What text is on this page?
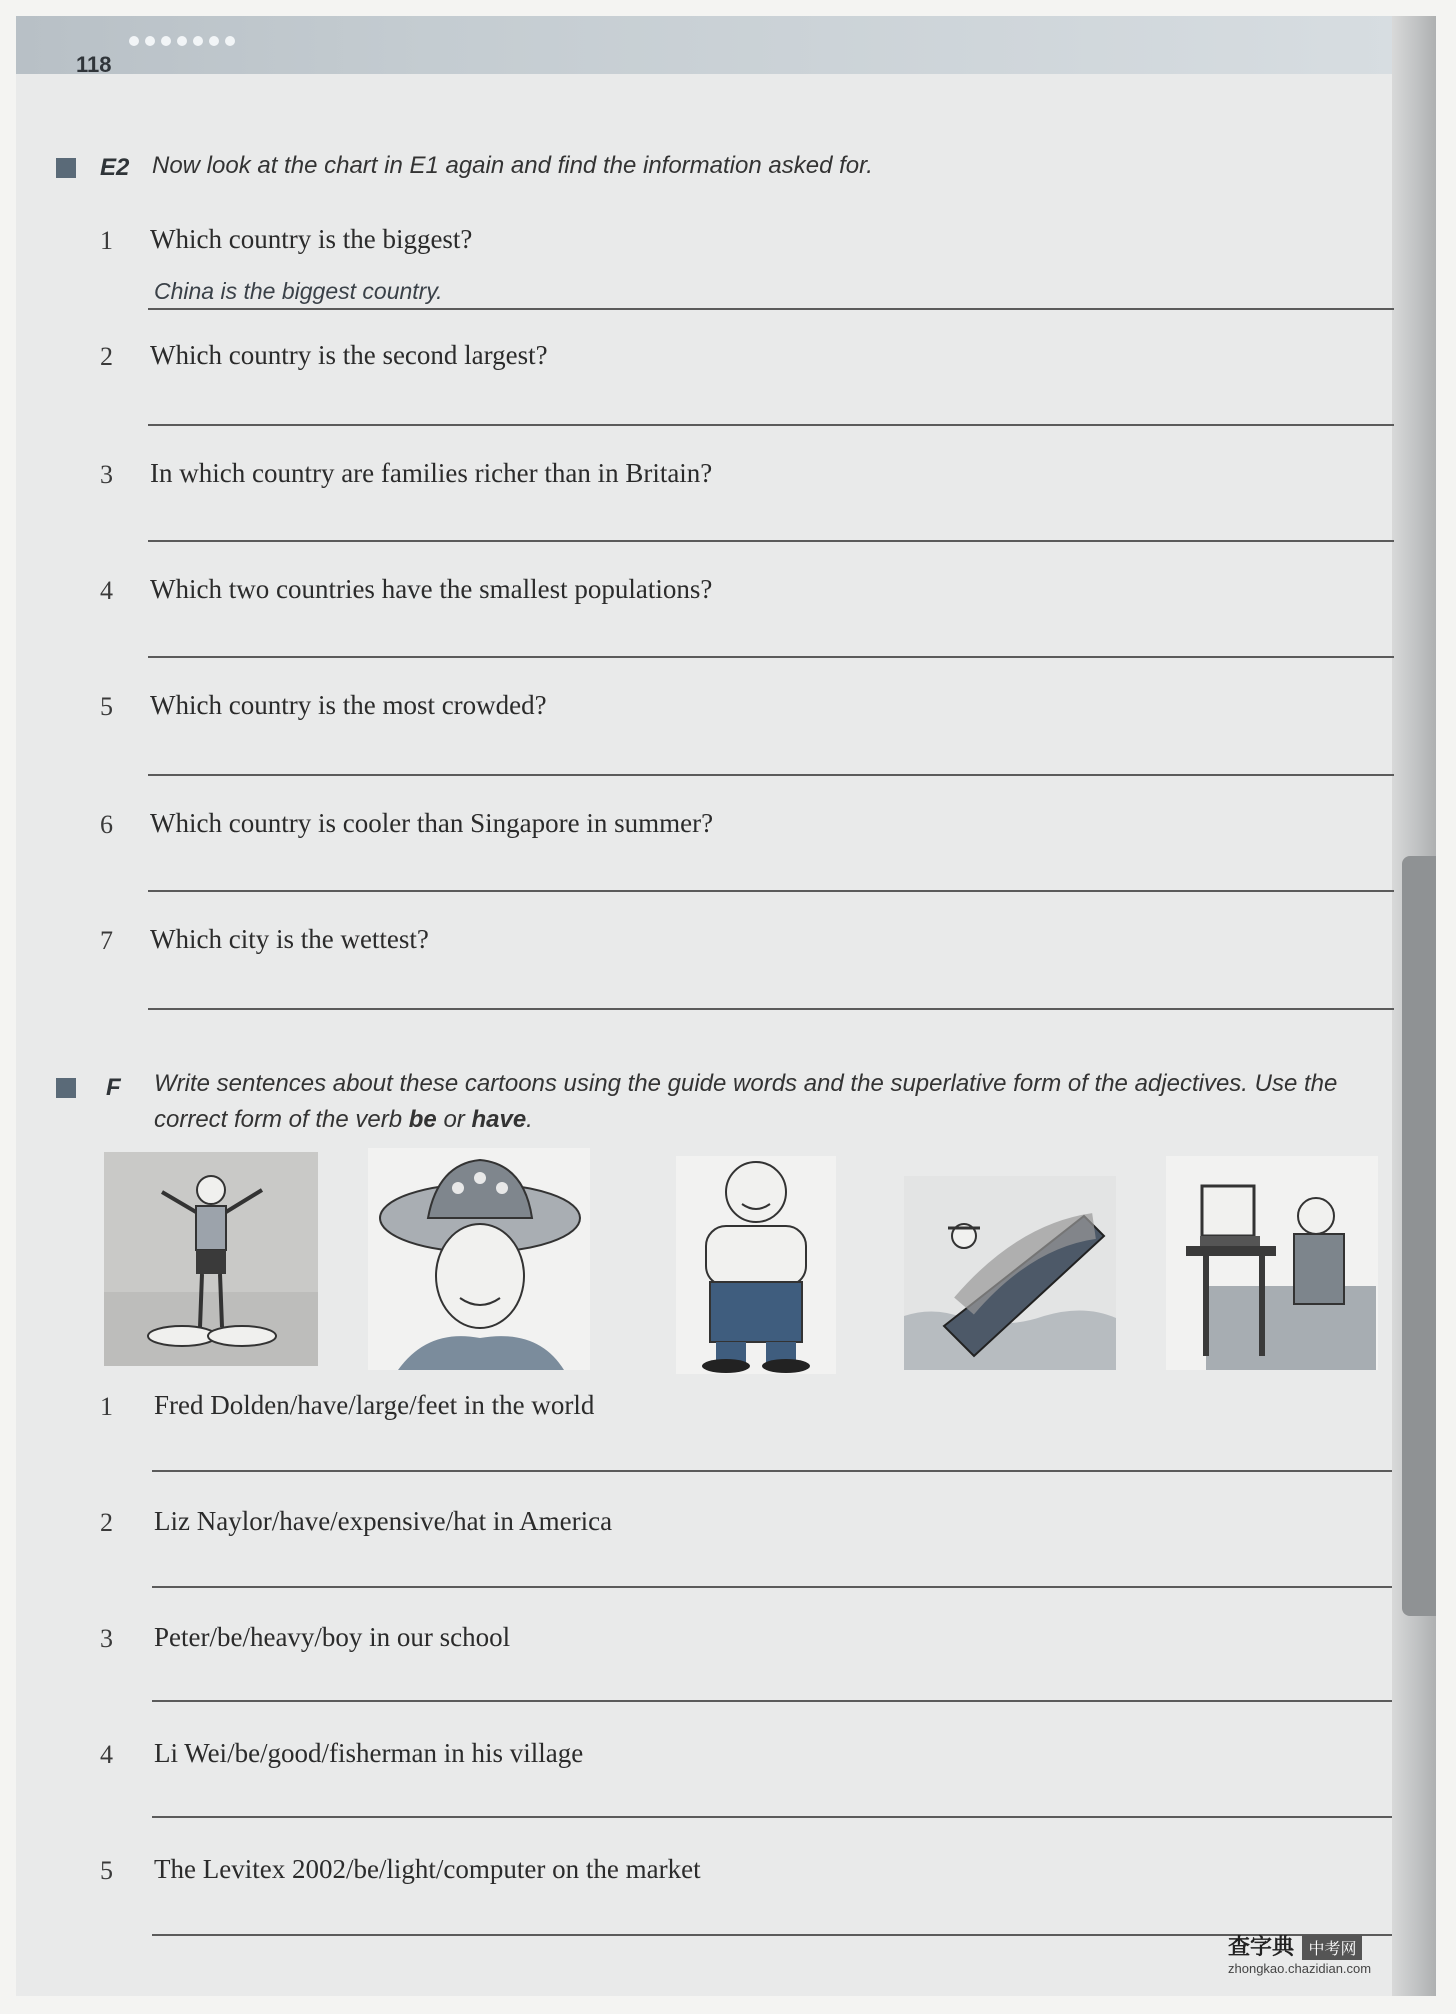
118
E2 Now look at the chart in E1 again and find the information asked for.
1 Which country is the biggest?
China is the biggest country.
2 Which country is the second largest?
3 In which country are families richer than in Britain?
4 Which two countries have the smallest populations?
5 Which country is the most crowded?
6 Which country is cooler than Singapore in summer?
7 Which city is the wettest?
F Write sentences about these cartoons using the guide words and the superlative form of the adjectives. Use the correct form of the verb be or have.
1 Fred Dolden/have/large/feet in the world
2 Liz Naylor/have/expensive/hat in America
3 Peter/be/heavy/boy in our school
4 Li Wei/be/good/fisherman in his village
5 The Levitex 2002/be/light/computer on the market
查字典 中考网
zhongkao.chazidian.com
